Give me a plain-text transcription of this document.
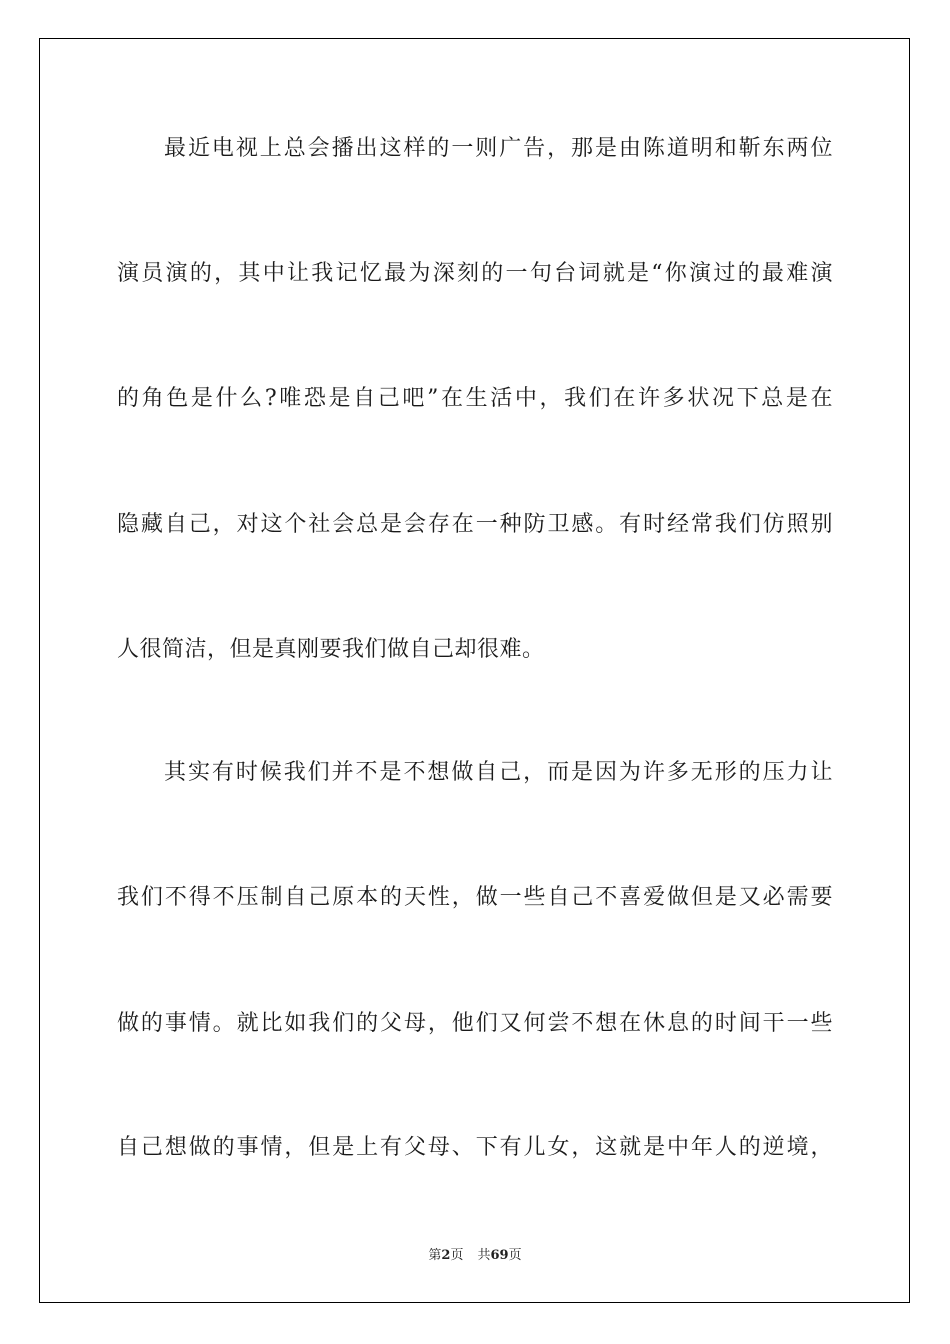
最近电视上总会播出这样的一则广告，那是由陈道明和靳东两位
演员演的，其中让我记忆最为深刻的一句台词就是“你演过的最难演
的角色是什么?唯恐是自己吧”在生活中，我们在许多状况下总是在
隐藏自己，对这个社会总是会存在一种防卫感。有时经常我们仿照别
人很简洁，但是真刚要我们做自己却很难。
其实有时候我们并不是不想做自己，而是因为许多无形的压力让
我们不得不压制自己原本的天性，做一些自己不喜爱做但是又必需要
做的事情。就比如我们的父母，他们又何尝不想在休息的时间干一些
自己想做的事情，但是上有父母、下有儿女，这就是中年人的逆境，
第2页 共69页
